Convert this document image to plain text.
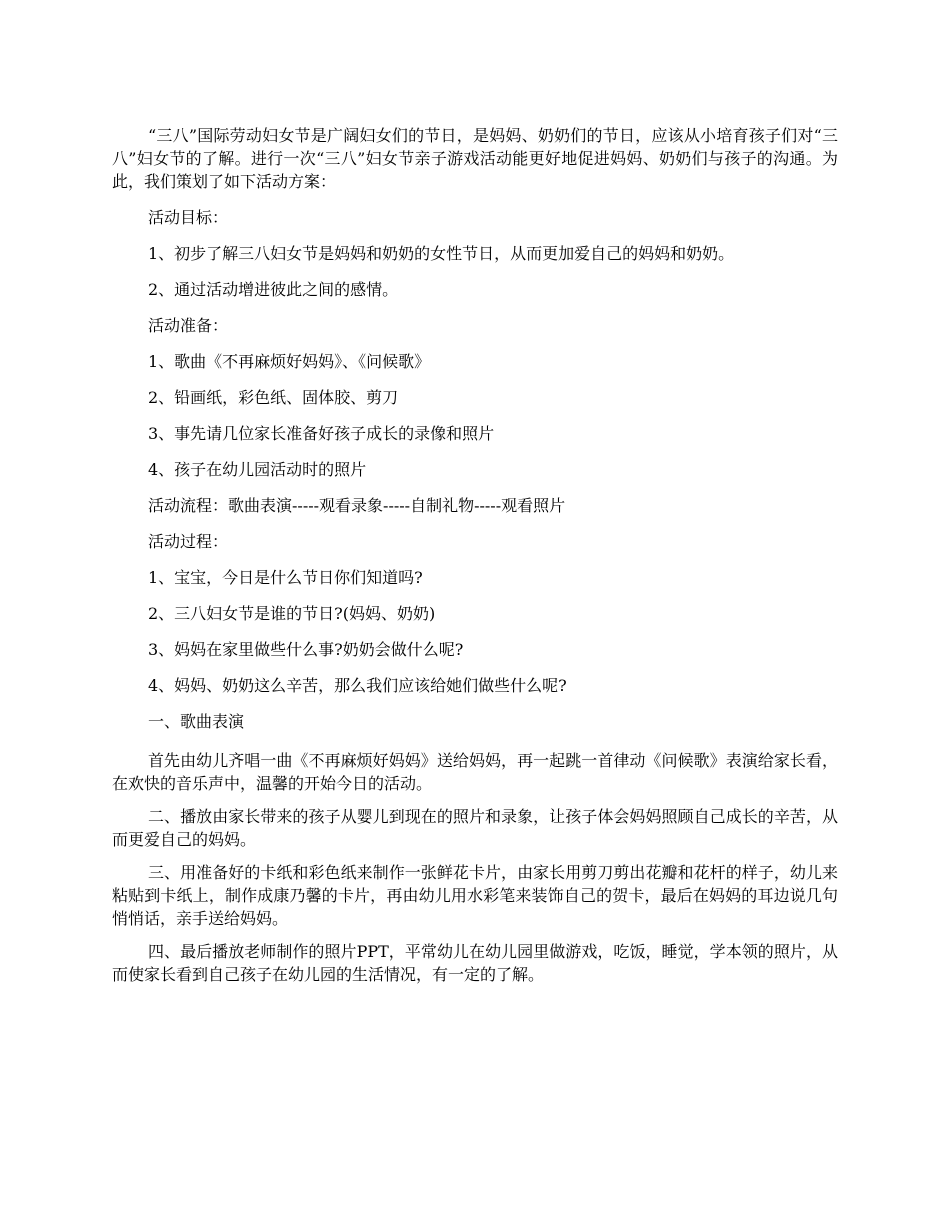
“三八”国际劳动妇女节是广阔妇女们的节日，是妈妈、奶奶们的节日，应该从小培育孩子们对“三八”妇女节的了解。进行一次“三八”妇女节亲子游戏活动能更好地促进妈妈、奶奶们与孩子的沟通。为此，我们策划了如下活动方案：

活动目标：

1、初步了解三八妇女节是妈妈和奶奶的女性节日，从而更加爱自己的妈妈和奶奶。

2、通过活动增进彼此之间的感情。

活动准备：

1、歌曲《不再麻烦好妈妈》、《问候歌》

2、铅画纸，彩色纸、固体胶、剪刀

3、事先请几位家长准备好孩子成长的录像和照片

4、孩子在幼儿园活动时的照片

活动流程：歌曲表演-----观看录象-----自制礼物-----观看照片

活动过程：

1、宝宝，今日是什么节日你们知道吗?

2、三八妇女节是谁的节日?(妈妈、奶奶)

3、妈妈在家里做些什么事?奶奶会做什么呢?

4、妈妈、奶奶这么辛苦，那么我们应该给她们做些什么呢?

一、歌曲表演

首先由幼儿齐唱一曲《不再麻烦好妈妈》送给妈妈，再一起跳一首律动《问候歌》表演给家长看，在欢快的音乐声中，温馨的开始今日的活动。

二、播放由家长带来的孩子从婴儿到现在的照片和录象，让孩子体会妈妈照顾自己成长的辛苦，从而更爱自己的妈妈。

三、用准备好的卡纸和彩色纸来制作一张鲜花卡片，由家长用剪刀剪出花瓣和花杆的样子，幼儿来粘贴到卡纸上，制作成康乃馨的卡片，再由幼儿用水彩笔来装饰自己的贺卡，最后在妈妈的耳边说几句悄悄话，亲手送给妈妈。

四、最后播放老师制作的照片PPT，平常幼儿在幼儿园里做游戏，吃饭，睡觉，学本领的照片，从而使家长看到自己孩子在幼儿园的生活情况，有一定的了解。
